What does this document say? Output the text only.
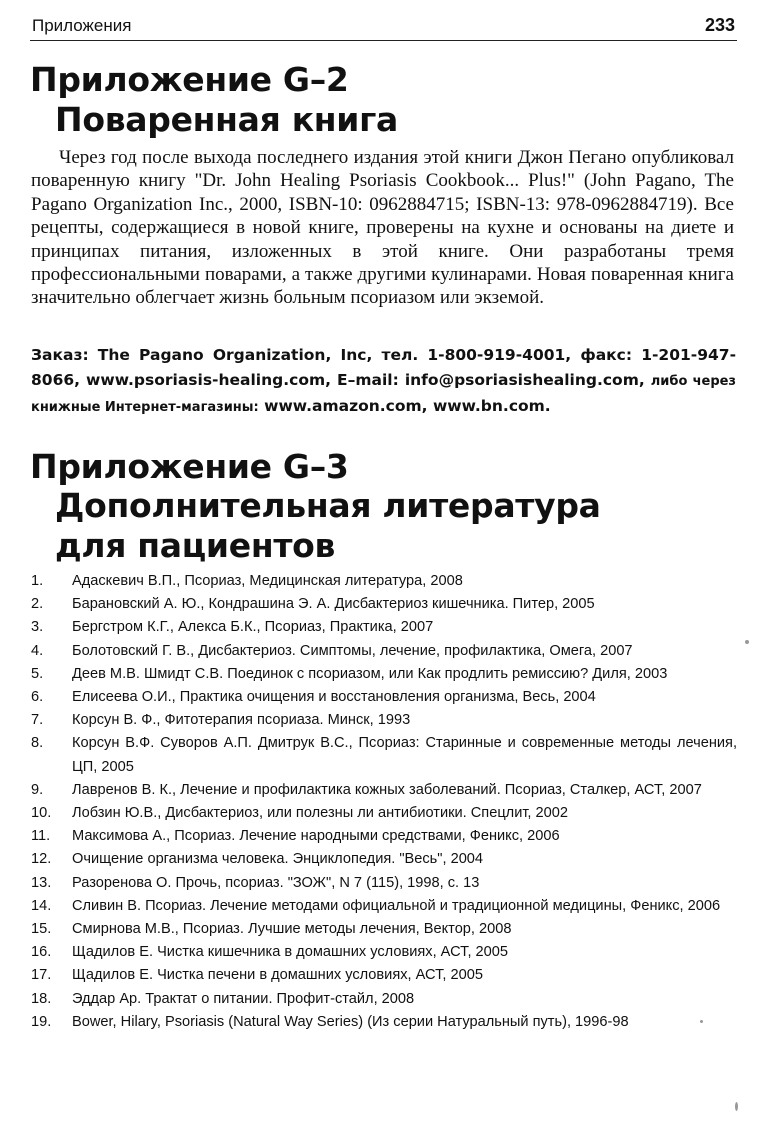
Приложения	233
Приложение G–2
Поваренная книга
Через год после выхода последнего издания этой книги Джон Пегано опубликовал поваренную книгу "Dr. John Healing Psoriasis Cookbook... Plus!" (John Pagano, The Pagano Organization Inc., 2000, ISBN-10: 0962884715; ISBN-13: 978-0962884719). Все рецепты, содержащиеся в новой книге, проверены на кухне и основаны на диете и принципах питания, изложенных в этой книге. Они разработаны тремя профессиональными поварами, а также другими кулинарами. Новая поваренная книга значительно облегчает жизнь больным псориазом или экземой.
Заказ: The Pagano Organization, Inc, тел. 1-800-919-4001, факс: 1-201-947-8066, www.psoriasis-healing.com, E–mail: info@psoriasishealing.com, либо через книжные Интернет-магазины: www.amazon.com, www.bn.com.
Приложение G–3
Дополнительная литература
для пациентов
1. Адаскевич В.П., Псориаз, Медицинская литература, 2008
2. Барановский А. Ю., Кондрашина Э. А. Дисбактериоз кишечника. Питер, 2005
3. Бергстром К.Г., Алекса Б.К., Псориаз, Практика, 2007
4. Болотовский Г. В., Дисбактериоз. Симптомы, лечение, профилактика, Омега, 2007
5. Деев М.В. Шмидт С.В. Поединок с псориазом, или Как продлить ремиссию? Диля, 2003
6. Елисеева О.И., Практика очищения и восстановления организма, Весь, 2004
7. Корсун В. Ф., Фитотерапия псориаза. Минск, 1993
8. Корсун В.Ф. Суворов А.П. Дмитрук В.С., Псориаз: Старинные и современные методы лечения, ЦП, 2005
9. Лавренов В. К., Лечение и профилактика кожных заболеваний. Псориаз, Сталкер, АСТ, 2007
10. Лобзин Ю.В., Дисбактериоз, или полезны ли антибиотики. Спецлит, 2002
11. Максимова А., Псориаз. Лечение народными средствами, Феникс, 2006
12. Очищение организма человека. Энциклопедия. "Весь", 2004
13. Разоренова О. Прочь, псориаз. "ЗОЖ", N 7 (115), 1998, с. 13
14. Сливин В. Псориаз. Лечение методами официальной и традиционной медицины, Феникс, 2006
15. Смирнова М.В., Псориаз. Лучшие методы лечения, Вектор, 2008
16. Щадилов Е. Чистка кишечника в домашних условиях, АСТ, 2005
17. Щадилов Е. Чистка печени в домашних условиях, АСТ, 2005
18. Эддар Ар. Трактат о питании. Профит-стайл, 2008
19. Bower, Hilary, Psoriasis (Natural Way Series) (Из серии Натуральный путь), 1996-98
